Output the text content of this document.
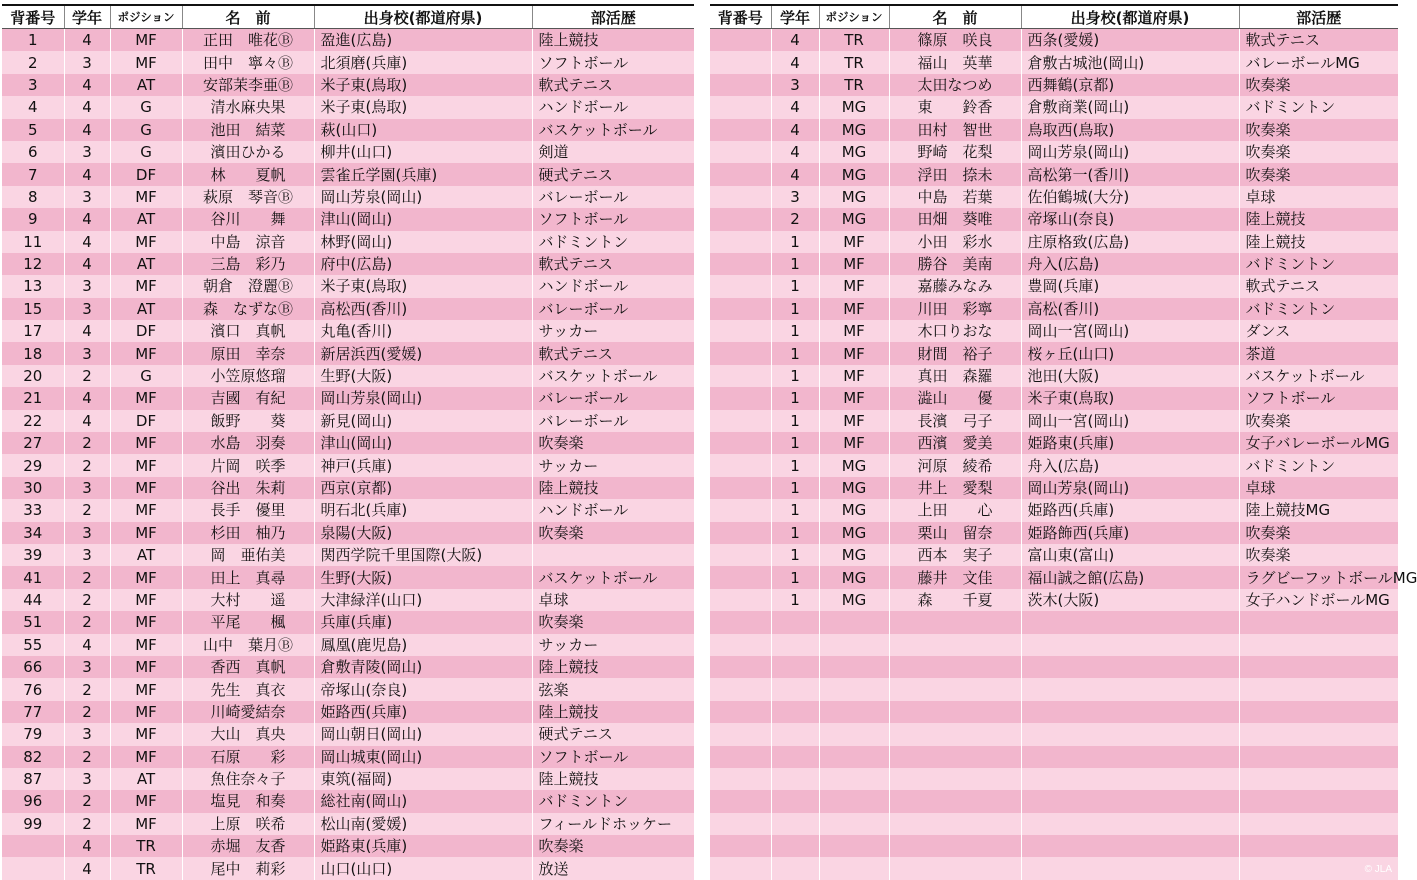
背番号	学年	ポジション	名　前	出身校(都道府県)	部活歴
1	4	MF	正田　唯花Ⓑ	盈進(広島)	陸上競技
2	3	MF	田中　寧々Ⓑ	北須磨(兵庫)	ソフトボール
3	4	AT	安部茉李亜Ⓑ	米子東(鳥取)	軟式テニス
4	4	G	清水麻央果	米子東(鳥取)	ハンドボール
5	4	G	池田　結菜	萩(山口)	バスケットボール
6	3	G	濱田ひかる	柳井(山口)	剣道
7	4	DF	林　　夏帆	雲雀丘学園(兵庫)	硬式テニス
8	3	MF	萩原　琴音Ⓑ	岡山芳泉(岡山)	バレーボール
9	4	AT	谷川　　舞	津山(岡山)	ソフトボール
11	4	MF	中島　涼音	林野(岡山)	バドミントン
12	4	AT	三島　彩乃	府中(広島)	軟式テニス
13	3	MF	朝倉　澄麗Ⓑ	米子東(鳥取)	ハンドボール
15	3	AT	森　なずなⒷ	高松西(香川)	バレーボール
17	4	DF	濱口　真帆	丸亀(香川)	サッカー
18	3	MF	原田　幸奈	新居浜西(愛媛)	軟式テニス
20	2	G	小笠原悠瑠	生野(大阪)	バスケットボール
21	4	MF	吉國　有紀	岡山芳泉(岡山)	バレーボール
22	4	DF	飯野　　葵	新見(岡山)	バレーボール
27	2	MF	水島　羽奏	津山(岡山)	吹奏楽
29	2	MF	片岡　咲季	神戸(兵庫)	サッカー
30	3	MF	谷出　朱莉	西京(京都)	陸上競技
33	2	MF	長手　優里	明石北(兵庫)	ハンドボール
34	3	MF	杉田　柚乃	泉陽(大阪)	吹奏楽
39	3	AT	岡　亜佑美	関西学院千里国際(大阪)	
41	2	MF	田上　真尋	生野(大阪)	バスケットボール
44	2	MF	大村　　遥	大津緑洋(山口)	卓球
51	2	MF	平尾　　楓	兵庫(兵庫)	吹奏楽
55	4	MF	山中　葉月Ⓑ	鳳凰(鹿児島)	サッカー
66	3	MF	香西　真帆	倉敷青陵(岡山)	陸上競技
76	2	MF	先生　真衣	帝塚山(奈良)	弦楽
77	2	MF	川崎愛結奈	姫路西(兵庫)	陸上競技
79	3	MF	大山　真央	岡山朝日(岡山)	硬式テニス
82	2	MF	石原　　彩	岡山城東(岡山)	ソフトボール
87	3	AT	魚住奈々子	東筑(福岡)	陸上競技
96	2	MF	塩見　和奏	総社南(岡山)	バドミントン
99	2	MF	上原　咲希	松山南(愛媛)	フィールドホッケー
	4	TR	赤堀　友香	姫路東(兵庫)	吹奏楽
	4	TR	尾中　莉彩	山口(山口)	放送
背番号	学年	ポジション	名　前	出身校(都道府県)	部活歴
	4	TR	篠原　咲良	西条(愛媛)	軟式テニス
	4	TR	福山　英華	倉敷古城池(岡山)	バレーボールMG
	3	TR	太田なつめ	西舞鶴(京都)	吹奏楽
	4	MG	東　　鈴香	倉敷商業(岡山)	バドミントン
	4	MG	田村　智世	鳥取西(鳥取)	吹奏楽
	4	MG	野崎　花梨	岡山芳泉(岡山)	吹奏楽
	4	MG	浮田　捺未	高松第一(香川)	吹奏楽
	3	MG	中島　若葉	佐伯鶴城(大分)	卓球
	2	MG	田畑　葵唯	帝塚山(奈良)	陸上競技
	1	MF	小田　彩水	庄原格致(広島)	陸上競技
	1	MF	勝谷　美南	舟入(広島)	バドミントン
	1	MF	嘉藤みなみ	豊岡(兵庫)	軟式テニス
	1	MF	川田　彩寧	高松(香川)	バドミントン
	1	MF	木口りおな	岡山一宮(岡山)	ダンス
	1	MF	財間　裕子	桜ヶ丘(山口)	茶道
	1	MF	真田　森羅	池田(大阪)	バスケットボール
	1	MF	澁山　　優	米子東(鳥取)	ソフトボール
	1	MF	長濱　弓子	岡山一宮(岡山)	吹奏楽
	1	MF	西濱　愛美	姫路東(兵庫)	女子バレーボールMG
	1	MG	河原　綾希	舟入(広島)	バドミントン
	1	MG	井上　愛梨	岡山芳泉(岡山)	卓球
	1	MG	上田　　心	姫路西(兵庫)	陸上競技MG
	1	MG	栗山　留奈	姫路飾西(兵庫)	吹奏楽
	1	MG	西本　実子	富山東(富山)	吹奏楽
	1	MG	藤井　文佳	福山誠之館(広島)	ラグビーフットボールMG
	1	MG	森　　千夏	茨木(大阪)	女子ハンドボールMG

© JLA
